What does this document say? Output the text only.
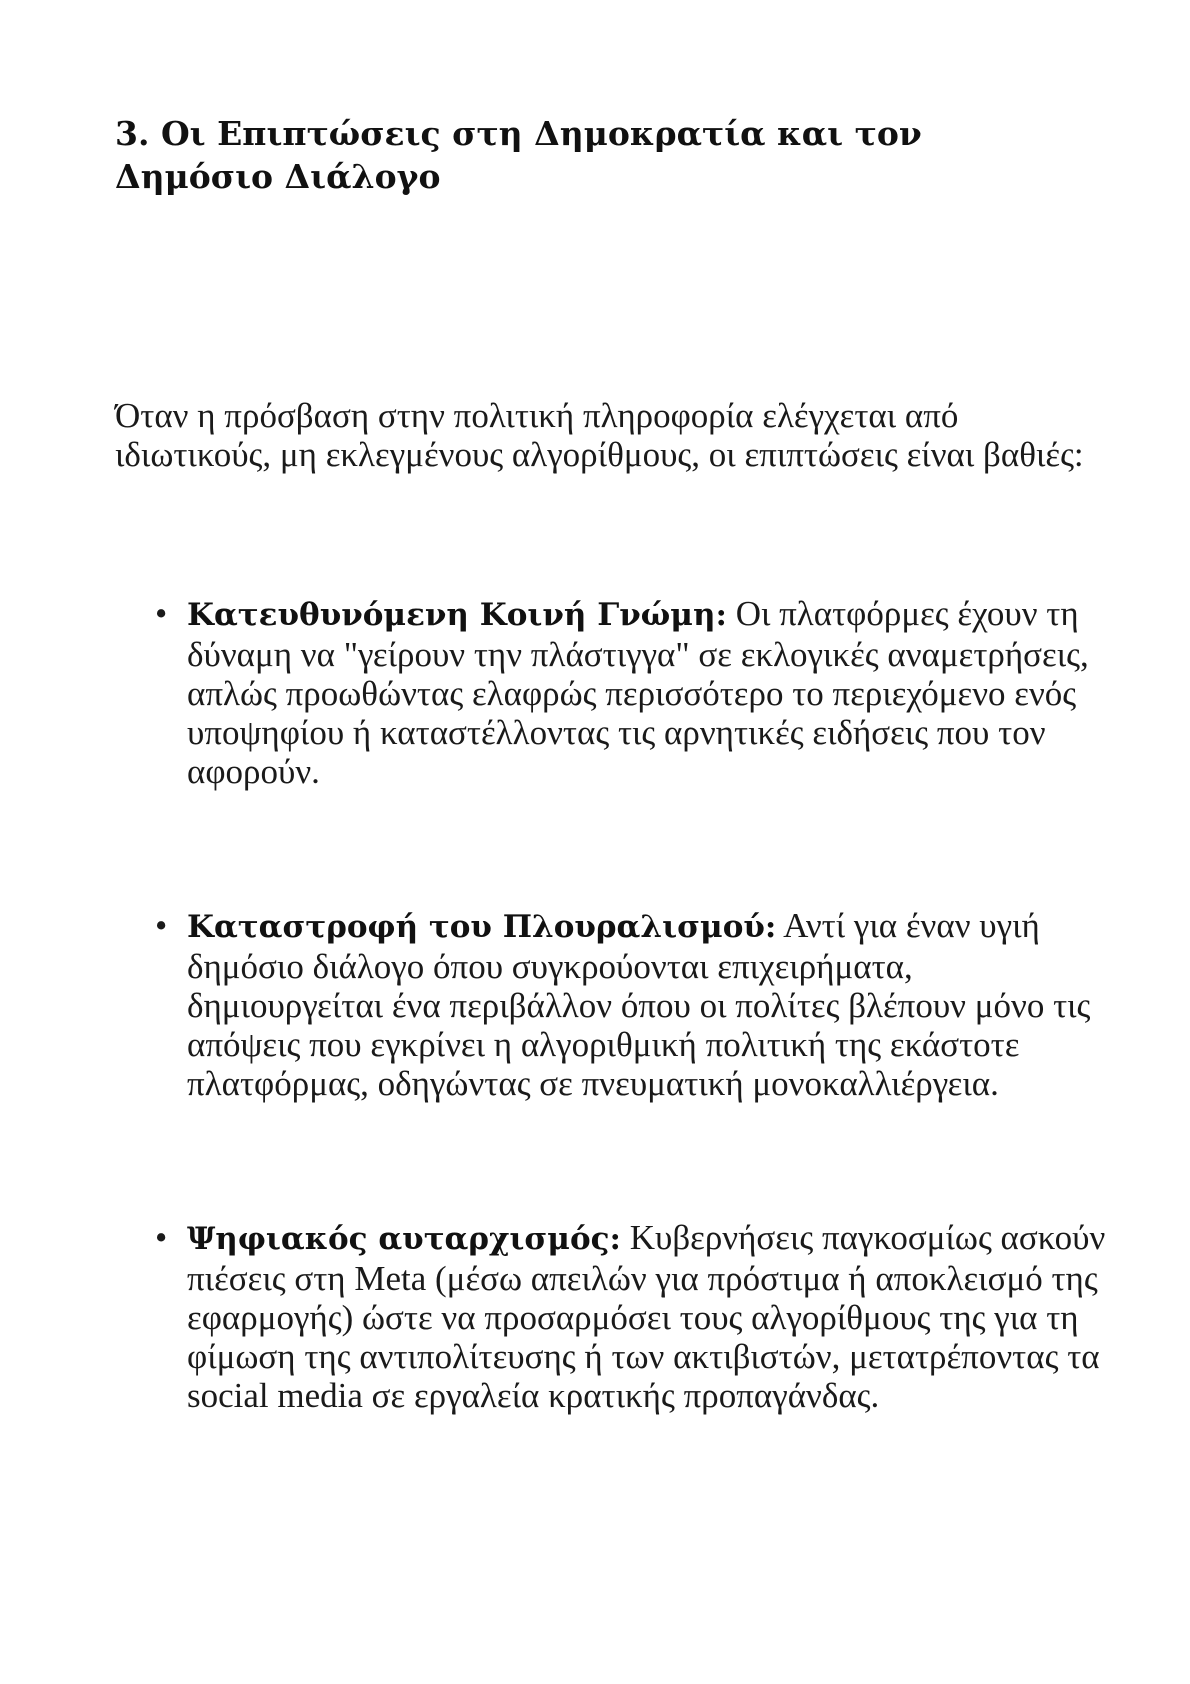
3. Οι Επιπτώσεις στη Δημοκρατία και τον Δημόσιο Διάλογο

Όταν η πρόσβαση στην πολιτική πληροφορία ελέγχεται από ιδιωτικούς, μη εκλεγμένους αλγορίθμους, οι επιπτώσεις είναι βαθιές:

• Κατευθυνόμενη Κοινή Γνώμη: Οι πλατφόρμες έχουν τη δύναμη να "γείρουν την πλάστιγγα" σε εκλογικές αναμετρήσεις, απλώς προωθώντας ελαφρώς περισσότερο το περιεχόμενο ενός υποψηφίου ή καταστέλλοντας τις αρνητικές ειδήσεις που τον αφορούν.

• Καταστροφή του Πλουραλισμού: Αντί για έναν υγιή δημόσιο διάλογο όπου συγκρούονται επιχειρήματα, δημιουργείται ένα περιβάλλον όπου οι πολίτες βλέπουν μόνο τις απόψεις που εγκρίνει η αλγοριθμική πολιτική της εκάστοτε πλατφόρμας, οδηγώντας σε πνευματική μονοκαλλιέργεια.

• Ψηφιακός αυταρχισμός: Κυβερνήσεις παγκοσμίως ασκούν πιέσεις στη Meta (μέσω απειλών για πρόστιμα ή αποκλεισμό της εφαρμογής) ώστε να προσαρμόσει τους αλγορίθμους της για τη φίμωση της αντιπολίτευσης ή των ακτιβιστών, μετατρέποντας τα social media σε εργαλεία κρατικής προπαγάνδας.
